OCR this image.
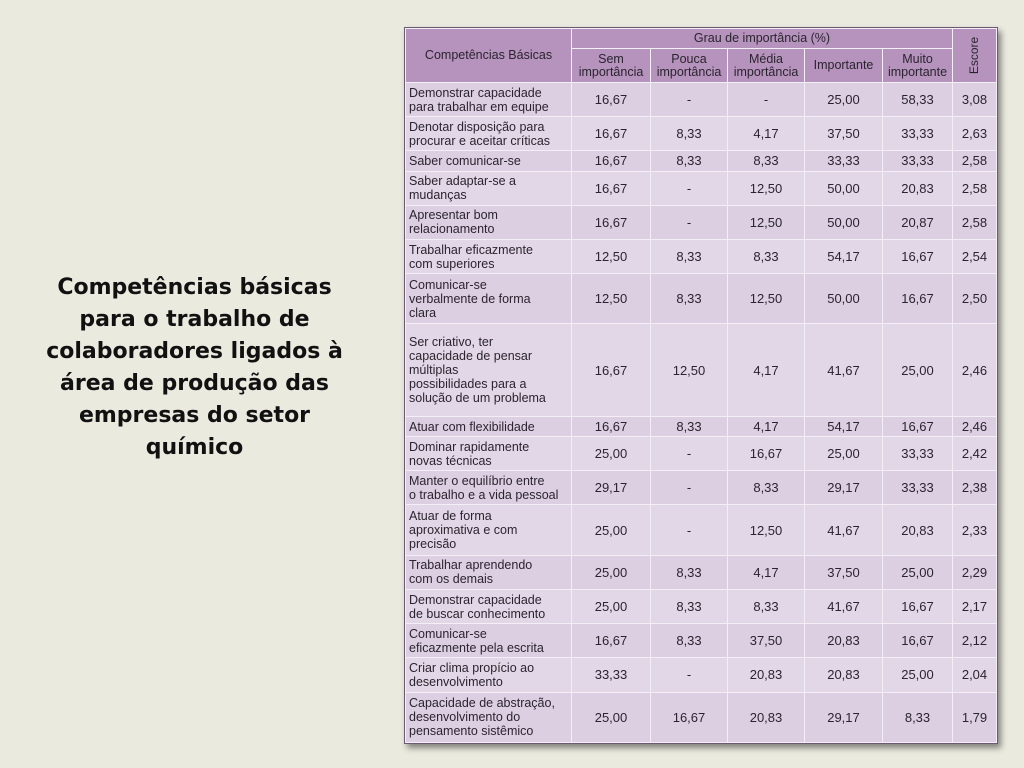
Competências básicas
para o trabalho de
colaboradores ligados à
área de produção das
empresas do setor
químico
Competências Básicas	Grau de importância (%)					Escore
	Sem importância	Pouca importância	Média importância	Importante	Muito importante	
Demonstrar capacidade
para trabalhar em equipe	16,67	-	-	25,00	58,33	3,08
Denotar disposição para
procurar e aceitar críticas	16,67	8,33	4,17	37,50	33,33	2,63
Saber comunicar-se	16,67	8,33	8,33	33,33	33,33	2,58
Saber adaptar-se a
mudanças	16,67	-	12,50	50,00	20,83	2,58
Apresentar bom
relacionamento	16,67	-	12,50	50,00	20,87	2,58
Trabalhar eficazmente
com superiores	12,50	8,33	8,33	54,17	16,67	2,54
Comunicar-se
verbalmente de forma
clara	12,50	8,33	12,50	50,00	16,67	2,50
Ser criativo, ter
capacidade de pensar
múltiplas
possibilidades para a
solução de um problema	16,67	12,50	4,17	41,67	25,00	2,46
Atuar com flexibilidade	16,67	8,33	4,17	54,17	16,67	2,46
Dominar rapidamente
novas técnicas	25,00	-	16,67	25,00	33,33	2,42
Manter o equilíbrio entre
o trabalho e a vida pessoal	29,17	-	8,33	29,17	33,33	2,38
Atuar de forma
aproximativa e com
precisão	25,00	-	12,50	41,67	20,83	2,33
Trabalhar aprendendo
com os demais	25,00	8,33	4,17	37,50	25,00	2,29
Demonstrar capacidade
de buscar conhecimento	25,00	8,33	8,33	41,67	16,67	2,17
Comunicar-se
eficazmente pela escrita	16,67	8,33	37,50	20,83	16,67	2,12
Criar clima propício ao
desenvolvimento	33,33	-	20,83	20,83	25,00	2,04
Capacidade de abstração,
desenvolvimento do
pensamento sistêmico	25,00	16,67	20,83	29,17	8,33	1,79
